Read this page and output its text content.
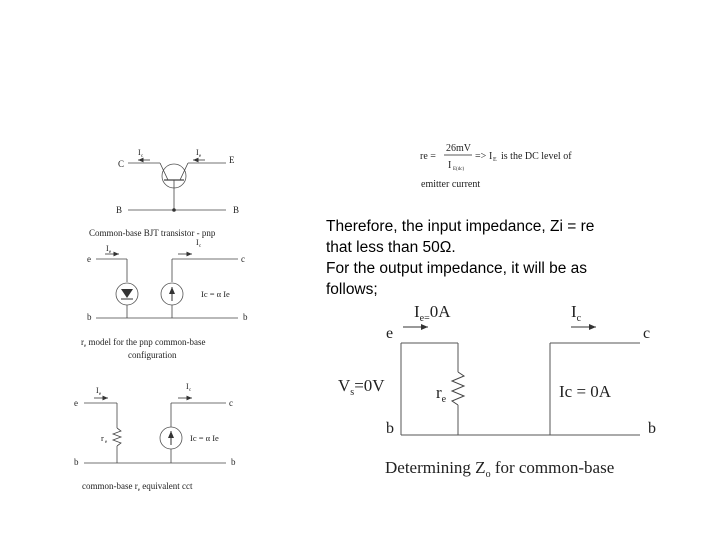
re =
26mV
I E(dc)
=> I E is the DC level of
emitter current
C	E
I c	I e
B	B
Common-base BJT transistor - pnp
I e
I c
e	c
Ic = α Ie
b	b
$r_e$ model for the pnp common-base
configuration
I e
I c
e	c
r e	Ic = α Ie
b	b
common-base $r_e$ equivalent cct
$I_{e=}0A$	$I_c$
e	c
$V_s=0V$	$r_e$	Ic = 0A
b	b
Determining $Z_o$ for common-base
Therefore, the input impedance, Zi = re
that less than 50Ω.
For the output impedance, it will be as
follows;
